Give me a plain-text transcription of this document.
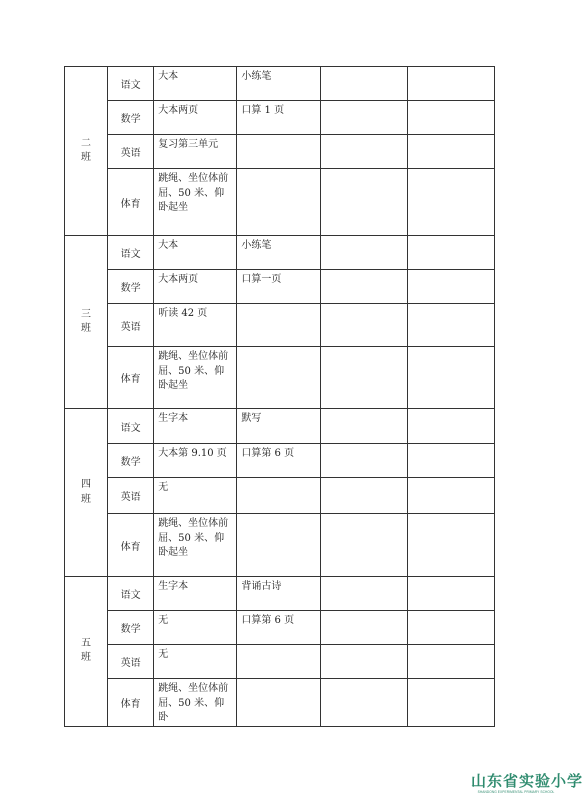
二
班	语文	大本	小练笔		

	数学	大本两页	口算 1 页		

	英语	复习第三单元			

	体育	跳绳、坐位体前屈、50 米、仰卧起坐			

三
班	语文	大本	小练笔		

	数学	大本两页	口算一页		

	英语	听读 42 页			

	体育	跳绳、坐位体前屈、50 米、仰卧起坐			

四
班	语文	生字本	默写		

	数学	大本第 9.10 页	口算第 6 页		

	英语	无			

	体育	跳绳、坐位体前屈、50 米、仰卧起坐			

五
班	语文	生字本	背诵古诗		

	数学	无	口算第 6 页		

	英语	无			

	体育	跳绳、坐位体前屈、50 米、仰卧			

山东省实验小学
SHANDONG EXPERIMENTAL PRIMARY SCHOOL
